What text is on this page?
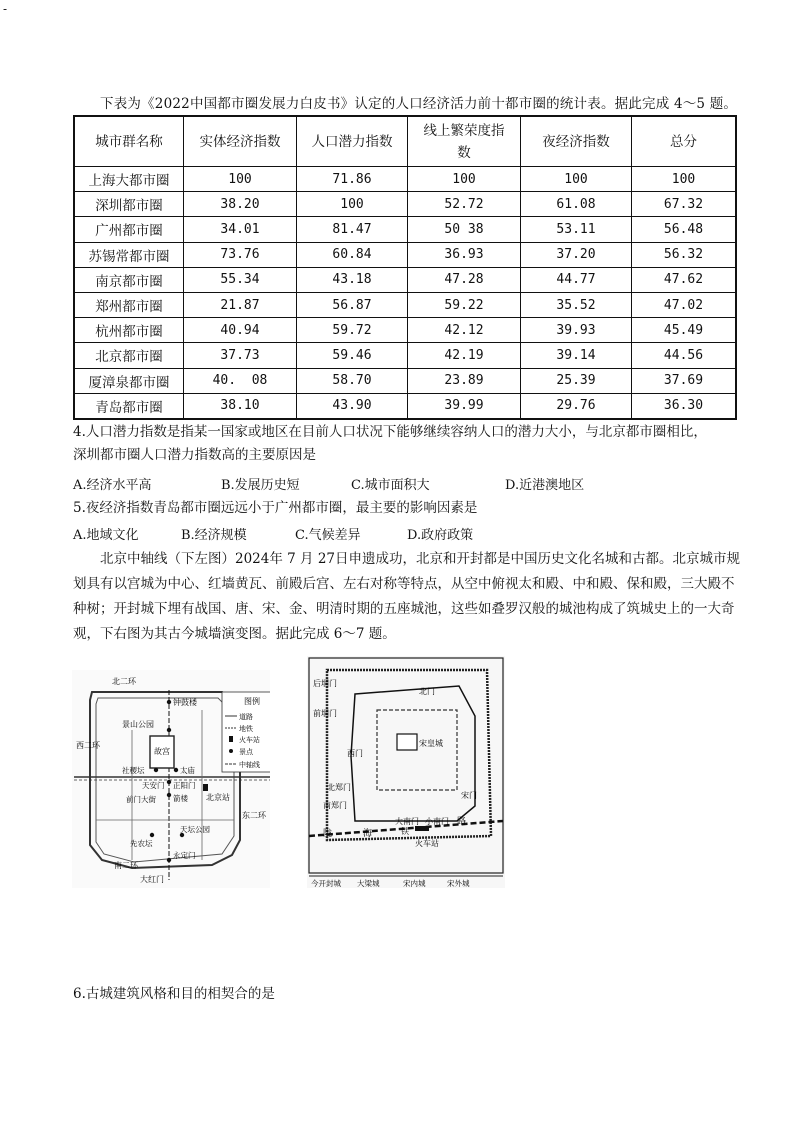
-
下表为《2022中国都市圈发展力白皮书》认定的人口经济活力前十都市圈的统计表。据此完成 4～5 题。
城市群名称	实体经济指数	人口潜力指数	线上繁荣度指数	夜经济指数	总分
上海大都市圈	100	71.86	100	100	100
深圳都市圈	38.20	100	52.72	61.08	67.32
广州都市圈	34.01	81.47	50 38	53.11	56.48
苏锡常都市圈	73.76	60.84	36.93	37.20	56.32
南京都市圈	55.34	43.18	47.28	44.77	47.62
郑州都市圈	21.87	56.87	59.22	35.52	47.02
杭州都市圈	40.94	59.72	42.12	39.93	45.49
北京都市圈	37.73	59.46	42.19	39.14	44.56
厦漳泉都市圈	40.  08	58.70	23.89	25.39	37.69
青岛都市圈	38.10	43.90	39.99	29.76	36.30
4.人口潜力指数是指某一国家或地区在目前人口状况下能够继续容纳人口的潜力大小，与北京都市圈相比，
深圳都市圈人口潜力指数高的主要原因是
A.经济水平高	B.发展历史短	C.城市面积大	D.近港澳地区
5.夜经济指数青岛都市圈远远小于广州都市圈，最主要的影响因素是
A.地域文化	B.经济规模	C.气候差异	D.政府政策
北京中轴线（下左图）2024年 7 月 27日申遗成功，北京和开封都是中国历史文化名城和古都。北京城市规划具有以宫城为中心、红墙黄瓦、前殿后宫、左右对称等特点，从空中俯视太和殿、中和殿、保和殿，三大殿不种树；开封城下埋有战国、唐、宋、金、明清时期的五座城池，这些如叠罗汉般的城池构成了筑城史上的一大奇观，下右图为其古今城墙演变图。据此完成 6～7 题。
图例
道路
地铁
火车站
景点
中轴线
北二环
钟鼓楼
景山公园
西二环
故宫
社稷坛	太庙
天安门 正阳门
前门大街 箭楼 北京站
东二环
天坛公园
先农坛
永定门
南二环
大红门
后堌门
前堌门
北门
宋皇城
西门
北郑门
南郑门
宋门
大南门 小南门
陇	海
路
铁
火车站
今开封城 大梁城	宋内城	宋外城
6.古城建筑风格和目的相契合的是
